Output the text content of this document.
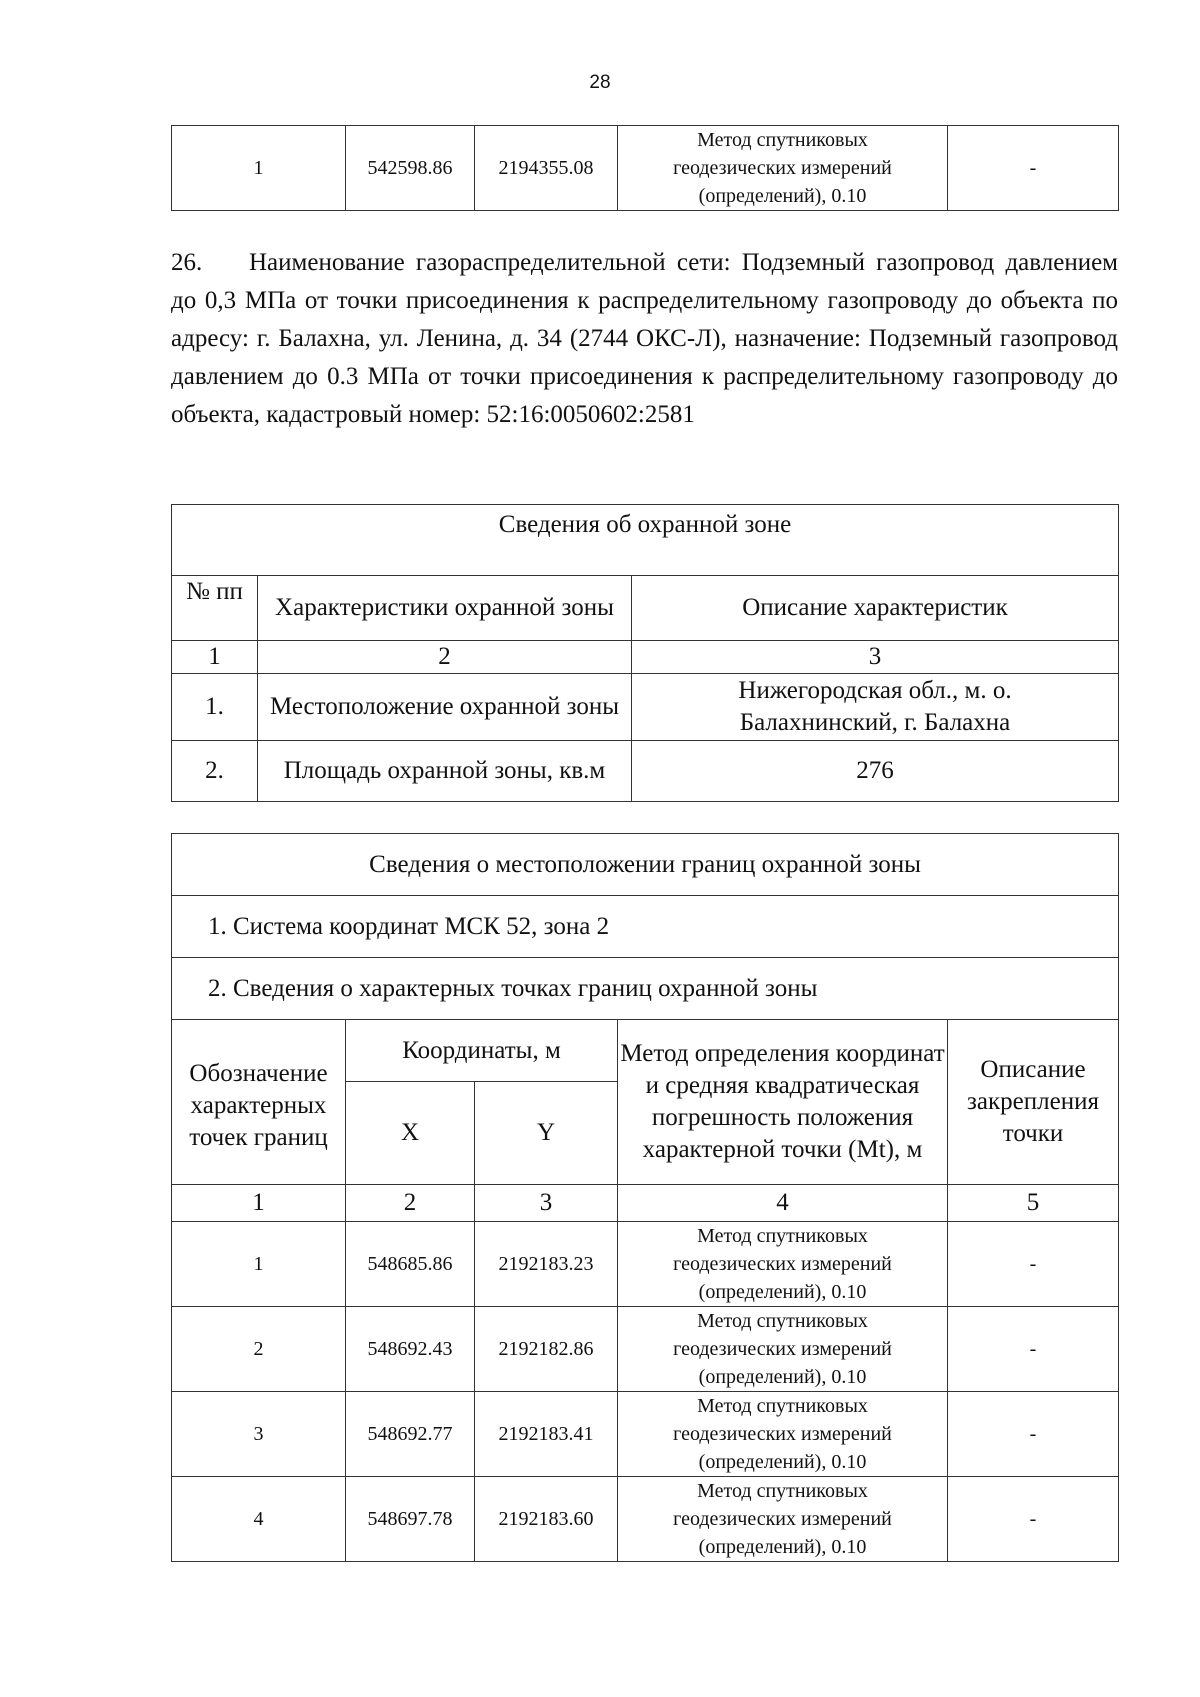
28
1	542598.86	2194355.08	
Метод спутниковых
геодезических измерений
(определений), 0.10
	-

26. Наименование газораспределительной сети: Подземный газопровод давлением до 0,3 МПа от точки присоединения к распределительному газопроводу до объекта по адресу: г. Балахна, ул. Ленина, д. 34 (2744 ОКС-Л), назначение: Подземный газопровод давлением до 0.3 МПа от точки присоединения к распределительному газопроводу до объекта, кадастровый номер: 52:16:0050602:2581

Сведения об охранной зоне		
№ пп	Характеристики охранной зоны	Описание характеристик
1	2	3
1.	Местоположение охранной зоны	Нижегородская обл., м. о.
Балахнинский, г. Балахна

2.	Площадь охранной зоны, кв.м	276
Сведения о местоположении границ охранной зоны				
1. Система координат МСК 52, зона 2				
2. Сведения о характерных точках границ охранной зоны				
Обозначение характерных точек границ	Координаты, м		Метод определения координат и средняя квадратическая погрешность положения характерной точки (Mt), м	Описание закрепления точки
	X	Y		
1	2	3	4	5
1	548685.86	2192183.23	Метод спутниковых
геодезических измерений
(определений), 0.10	-
2	548692.43	2192182.86	Метод спутниковых
геодезических измерений
(определений), 0.10	-
3	548692.77	2192183.41	Метод спутниковых
геодезических измерений
(определений), 0.10	-
4	548697.78	2192183.60	Метод спутниковых
геодезических измерений
(определений), 0.10	-
